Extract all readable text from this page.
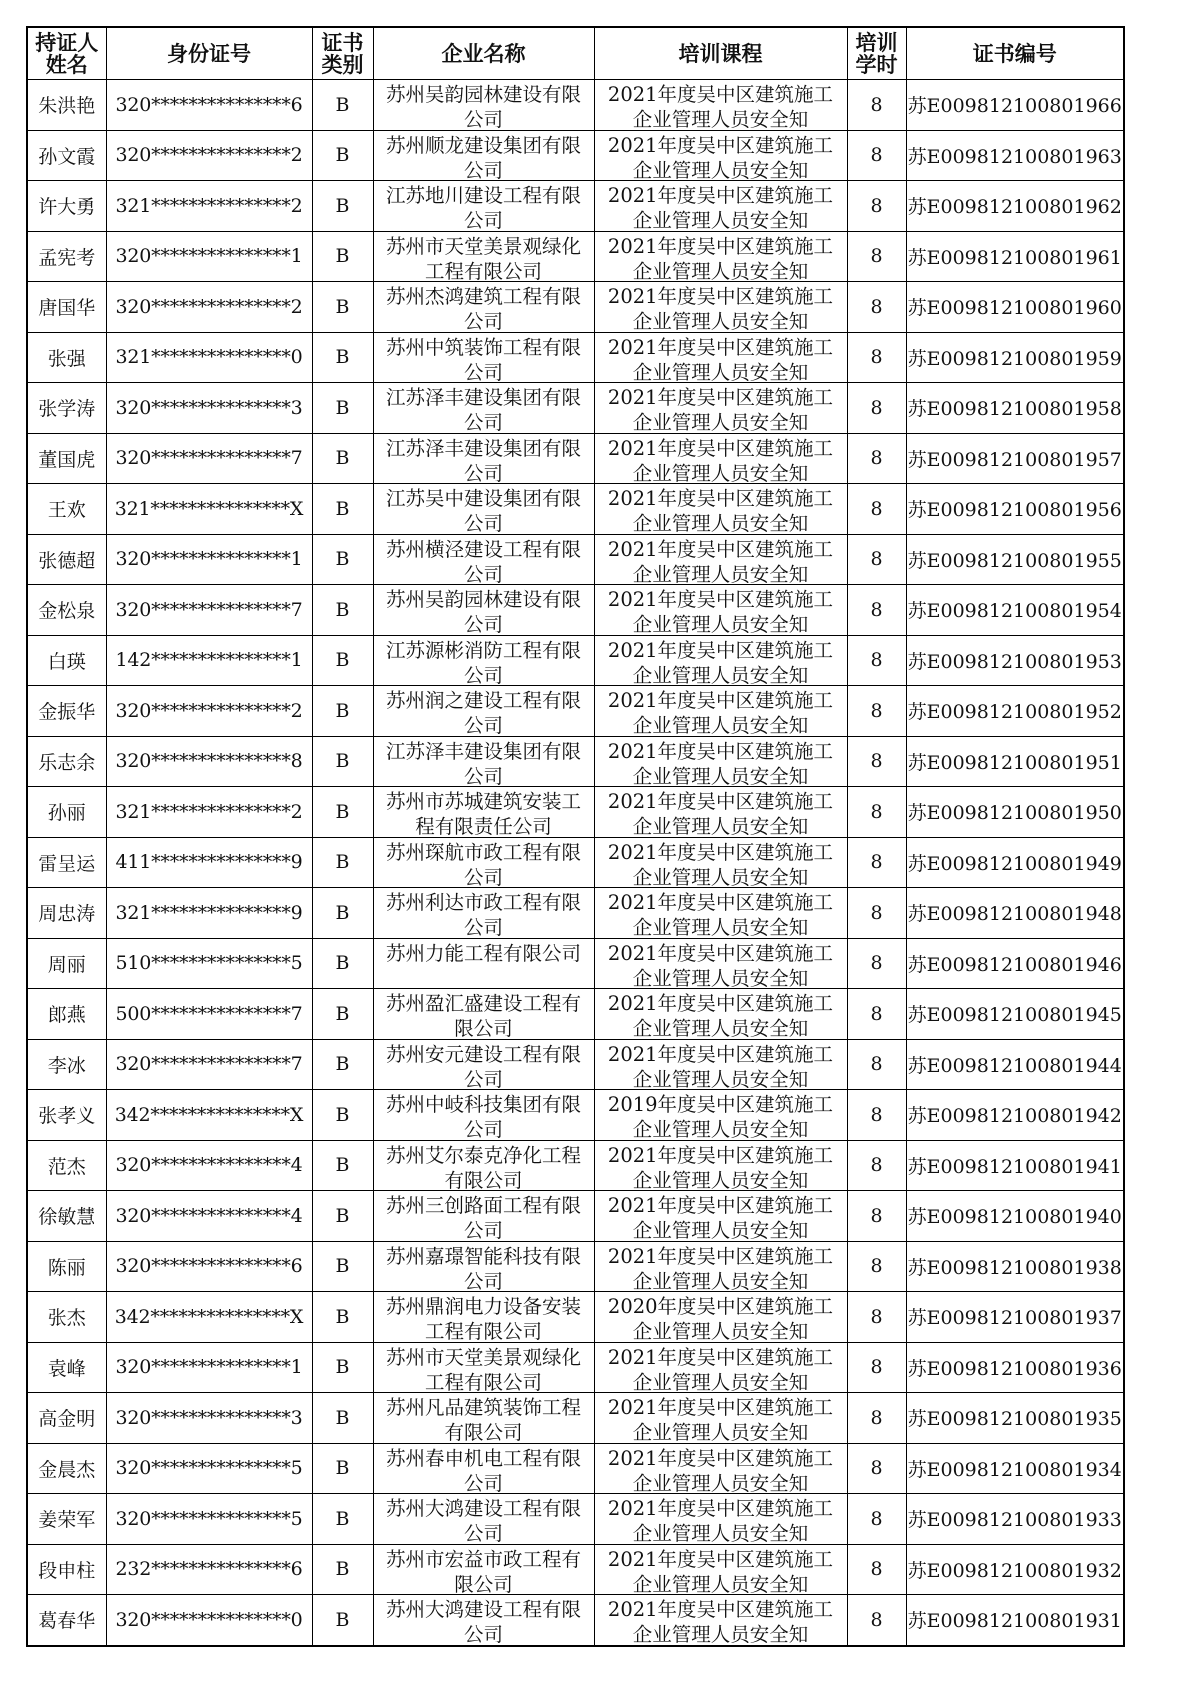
持证人姓名	身份证号	证书类别	企业名称	培训课程	培训学时	证书编号
朱洪艳	320***************6	B	苏州吴韵园林建设有限公司	2021年度吴中区建筑施工企业管理人员安全知	8	苏E009812100801966
孙文霞	320***************2	B	苏州顺龙建设集团有限公司	2021年度吴中区建筑施工企业管理人员安全知	8	苏E009812100801963
许大勇	321***************2	B	江苏地川建设工程有限公司	2021年度吴中区建筑施工企业管理人员安全知	8	苏E009812100801962
孟宪考	320***************1	B	苏州市天堂美景观绿化工程有限公司	2021年度吴中区建筑施工企业管理人员安全知	8	苏E009812100801961
唐国华	320***************2	B	苏州杰鸿建筑工程有限公司	2021年度吴中区建筑施工企业管理人员安全知	8	苏E009812100801960
张强	321***************0	B	苏州中筑装饰工程有限公司	2021年度吴中区建筑施工企业管理人员安全知	8	苏E009812100801959
张学涛	320***************3	B	江苏泽丰建设集团有限公司	2021年度吴中区建筑施工企业管理人员安全知	8	苏E009812100801958
董国虎	320***************7	B	江苏泽丰建设集团有限公司	2021年度吴中区建筑施工企业管理人员安全知	8	苏E009812100801957
王欢	321***************X	B	江苏吴中建设集团有限公司	2021年度吴中区建筑施工企业管理人员安全知	8	苏E009812100801956
张德超	320***************1	B	苏州横泾建设工程有限公司	2021年度吴中区建筑施工企业管理人员安全知	8	苏E009812100801955
金松泉	320***************7	B	苏州吴韵园林建设有限公司	2021年度吴中区建筑施工企业管理人员安全知	8	苏E009812100801954
白瑛	142***************1	B	江苏源彬消防工程有限公司	2021年度吴中区建筑施工企业管理人员安全知	8	苏E009812100801953
金振华	320***************2	B	苏州润之建设工程有限公司	2021年度吴中区建筑施工企业管理人员安全知	8	苏E009812100801952
乐志余	320***************8	B	江苏泽丰建设集团有限公司	2021年度吴中区建筑施工企业管理人员安全知	8	苏E009812100801951
孙丽	321***************2	B	苏州市苏城建筑安装工程有限责任公司	2021年度吴中区建筑施工企业管理人员安全知	8	苏E009812100801950
雷呈运	411***************9	B	苏州琛航市政工程有限公司	2021年度吴中区建筑施工企业管理人员安全知	8	苏E009812100801949
周忠涛	321***************9	B	苏州利达市政工程有限公司	2021年度吴中区建筑施工企业管理人员安全知	8	苏E009812100801948
周丽	510***************5	B	苏州力能工程有限公司	2021年度吴中区建筑施工企业管理人员安全知	8	苏E009812100801946
郎燕	500***************7	B	苏州盈汇盛建设工程有限公司	2021年度吴中区建筑施工企业管理人员安全知	8	苏E009812100801945
李冰	320***************7	B	苏州安元建设工程有限公司	2021年度吴中区建筑施工企业管理人员安全知	8	苏E009812100801944
张孝义	342***************X	B	苏州中岐科技集团有限公司	2019年度吴中区建筑施工企业管理人员安全知	8	苏E009812100801942
范杰	320***************4	B	苏州艾尔泰克净化工程有限公司	2021年度吴中区建筑施工企业管理人员安全知	8	苏E009812100801941
徐敏慧	320***************4	B	苏州三创路面工程有限公司	2021年度吴中区建筑施工企业管理人员安全知	8	苏E009812100801940
陈丽	320***************6	B	苏州嘉璟智能科技有限公司	2021年度吴中区建筑施工企业管理人员安全知	8	苏E009812100801938
张杰	342***************X	B	苏州鼎润电力设备安装工程有限公司	2020年度吴中区建筑施工企业管理人员安全知	8	苏E009812100801937
袁峰	320***************1	B	苏州市天堂美景观绿化工程有限公司	2021年度吴中区建筑施工企业管理人员安全知	8	苏E009812100801936
高金明	320***************3	B	苏州凡品建筑装饰工程有限公司	2021年度吴中区建筑施工企业管理人员安全知	8	苏E009812100801935
金晨杰	320***************5	B	苏州春申机电工程有限公司	2021年度吴中区建筑施工企业管理人员安全知	8	苏E009812100801934
姜荣军	320***************5	B	苏州大鸿建设工程有限公司	2021年度吴中区建筑施工企业管理人员安全知	8	苏E009812100801933
段申柱	232***************6	B	苏州市宏益市政工程有限公司	2021年度吴中区建筑施工企业管理人员安全知	8	苏E009812100801932
葛春华	320***************0	B	苏州大鸿建设工程有限公司	2021年度吴中区建筑施工企业管理人员安全知	8	苏E009812100801931
